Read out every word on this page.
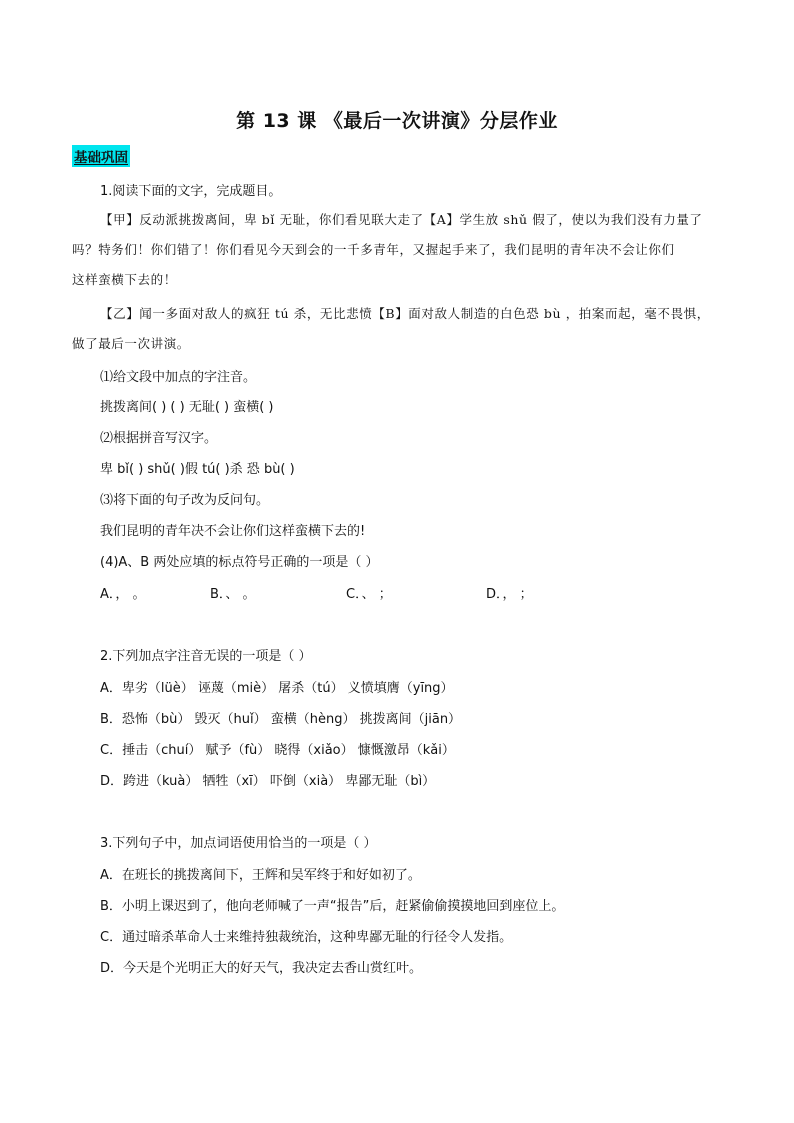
第 13 课 《最后一次讲演》分层作业
基础巩固
1.阅读下面的文字，完成题目。
【甲】反动派挑拨离间，卑 bǐ 无耻，你们看见联大走了【A】学生放 shǔ 假了，使以为我们没有力量了
吗？特务们！你们错了！你们看见今天到会的一千多青年，又握起手来了，我们昆明的青年决不会让你们
这样蛮横下去的！
【乙】闻一多面对敌人的疯狂 tú 杀，无比悲愤【B】面对敌人制造的白色恐 bù ，拍案而起，毫不畏惧，
做了最后一次讲演。
⑴给文段中加点的字注音。
挑拨离间( ) ( ) 无耻( ) 蛮横( )
⑵根据拼音写汉字。
卑 bǐ( ) shǔ( )假 tú( )杀 恐 bù( )
⑶将下面的句子改为反问句。
我们昆明的青年决不会让你们这样蛮横下去的!
(4)A、B 两处应填的标点符号正确的一项是（ ）
A．， 。	B．、 。	C．、 ；	D．， ；
2.下列加点字注音无误的一项是（ ）
A．卑劣（lüè） 诬蔑（miè） 屠杀（tú） 义愤填膺（yīng）
B．恐怖（bù） 毁灭（huǐ） 蛮横（hèng） 挑拨离间（jiān）
C．捶击（chuí） 赋予（fù） 晓得（xiǎo） 慷慨激昂（kǎi）
D．跨进（kuà） 牺牲（xī） 吓倒（xià） 卑鄙无耻（bì）
3.下列句子中，加点词语使用恰当的一项是（ ）
A．在班长的挑拨离间下，王辉和吴军终于和好如初了。
B．小明上课迟到了，他向老师喊了一声“报告”后，赶紧偷偷摸摸地回到座位上。
C．通过暗杀革命人士来维持独裁统治，这种卑鄙无耻的行径令人发指。
D．今天是个光明正大的好天气，我决定去香山赏红叶。
